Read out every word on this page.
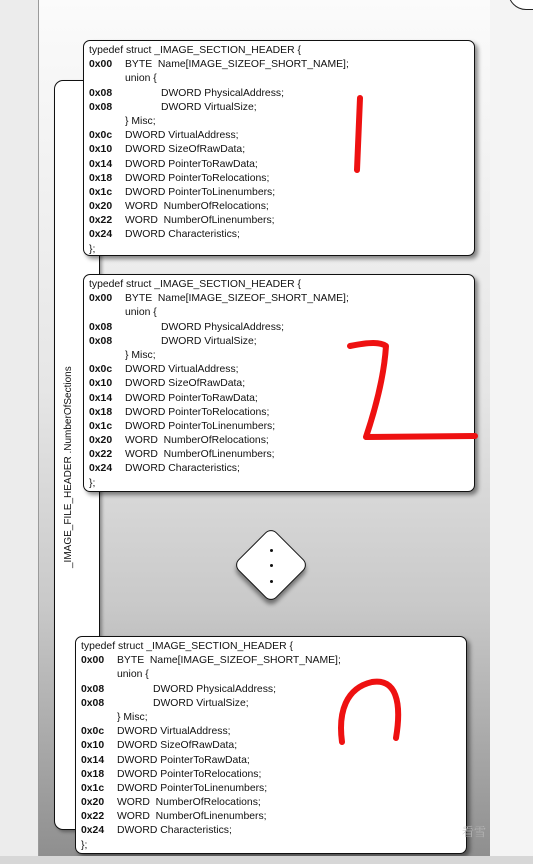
_IMAGE_FILE_HEADER .NumberOfSections
typedef struct _IMAGE_SECTION_HEADER {
0x00 BYTE  Name[IMAGE_SIZEOF_SHORT_NAME];
union {
0x08	DWORD PhysicalAddress;
0x08	DWORD VirtualSize;
} Misc;
0x0c DWORD VirtualAddress;
0x10 DWORD SizeOfRawData;
0x14 DWORD PointerToRawData;
0x18 DWORD PointerToRelocations;
0x1c DWORD PointerToLinenumbers;
0x20 WORD  NumberOfRelocations;
0x22 WORD  NumberOfLinenumbers;
0x24 DWORD Characteristics;
};
typedef struct _IMAGE_SECTION_HEADER {
0x00 BYTE  Name[IMAGE_SIZEOF_SHORT_NAME];
union {
0x08	DWORD PhysicalAddress;
0x08	DWORD VirtualSize;
} Misc;
0x0c DWORD VirtualAddress;
0x10 DWORD SizeOfRawData;
0x14 DWORD PointerToRawData;
0x18 DWORD PointerToRelocations;
0x1c DWORD PointerToLinenumbers;
0x20 WORD  NumberOfRelocations;
0x22 WORD  NumberOfLinenumbers;
0x24 DWORD Characteristics;
};
typedef struct _IMAGE_SECTION_HEADER {
0x00 BYTE  Name[IMAGE_SIZEOF_SHORT_NAME];
union {
0x08	DWORD PhysicalAddress;
0x08	DWORD VirtualSize;
} Misc;
0x0c DWORD VirtualAddress;
0x10 DWORD SizeOfRawData;
0x14 DWORD PointerToRawData;
0x18 DWORD PointerToRelocations;
0x1c DWORD PointerToLinenumbers;
0x20 WORD  NumberOfRelocations;
0x22 WORD  NumberOfLinenumbers;
0x24 DWORD Characteristics;
};
看雪
